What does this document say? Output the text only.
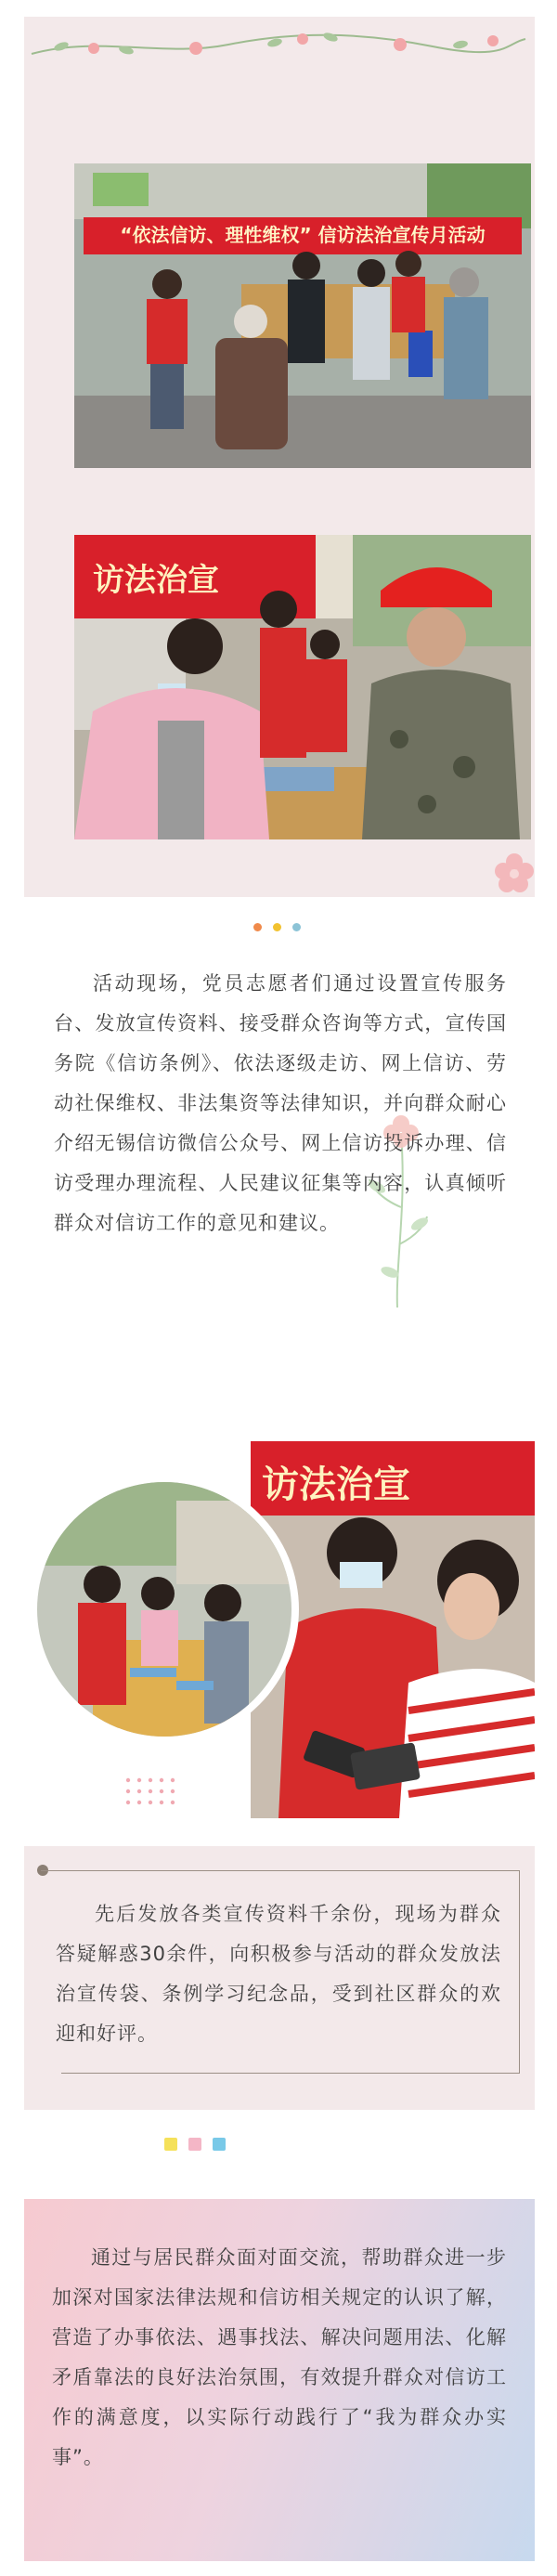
“依法信访、理性维权” 信访法治宣传月活动
访法治宣

活动现场，党员志愿者们通过设置宣传服务台、发放宣传资料、接受群众咨询等方式，宣传国务院《信访条例》、依法逐级走访、网上信访、劳动社保维权、非法集资等法律知识，并向群众耐心介绍无锡信访微信公众号、网上信访投诉办理、信访受理办理流程、人民建议征集等内容，认真倾听群众对信访工作的意见和建议。

访法治宣

先后发放各类宣传资料千余份，现场为群众答疑解惑30余件，向积极参与活动的群众发放法治宣传袋、条例学习纪念品，受到社区群众的欢迎和好评。

通过与居民群众面对面交流，帮助群众进一步加深对国家法律法规和信访相关规定的认识了解，营造了办事依法、遇事找法、解决问题用法、化解矛盾靠法的良好法治氛围，有效提升群众对信访工作的满意度，以实际行动践行了“我为群众办实事”。
